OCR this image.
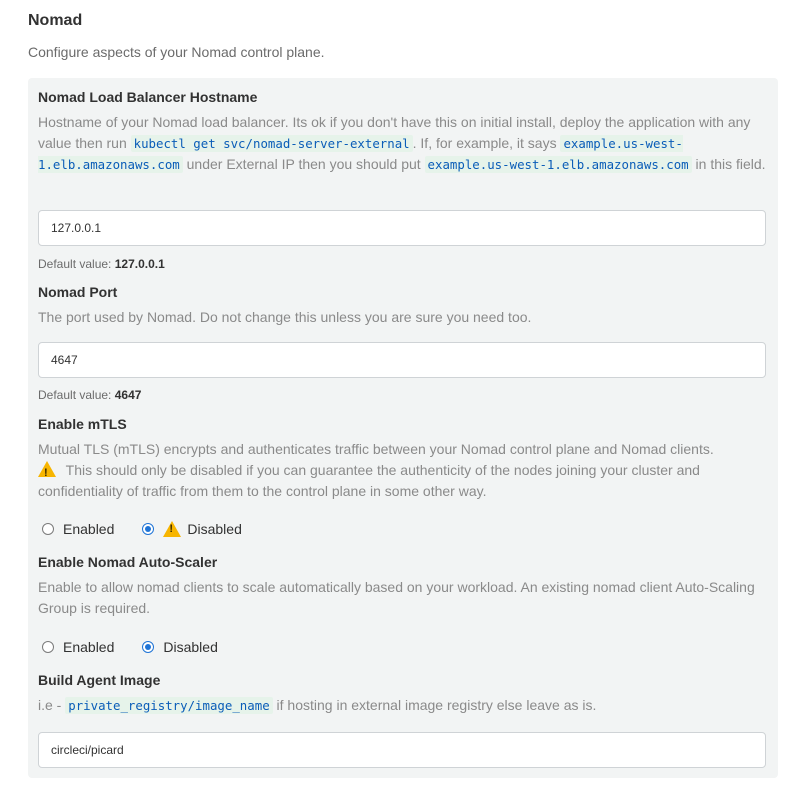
Nomad
Configure aspects of your Nomad control plane.
Nomad Load Balancer Hostname
Hostname of your Nomad load balancer. Its ok if you don't have this on initial install, deploy the application with any value then run kubectl get svc/nomad-server-external . If, for example, it says example.us-west-1.elb.amazonaws.com under External IP then you should put example.us-west-1.elb.amazonaws.com in this field.
127.0.0.1
Default value: 127.0.0.1
Nomad Port
The port used by Nomad. Do not change this unless you are sure you need too.
4647
Default value: 4647
Enable mTLS
Mutual TLS (mTLS) encrypts and authenticates traffic between your Nomad control plane and Nomad clients.
! This should only be disabled if you can guarantee the authenticity of the nodes joining your cluster and confidentiality of traffic from them to the control plane in some other way.
Enabled
!	Disabled
Enable Nomad Auto-Scaler
Enable to allow nomad clients to scale automatically based on your workload. An existing nomad client Auto-Scaling Group is required.
Enabled	Disabled
Build Agent Image
i.e - private_registry/image_name if hosting in external image registry else leave as is.
circleci/picard
